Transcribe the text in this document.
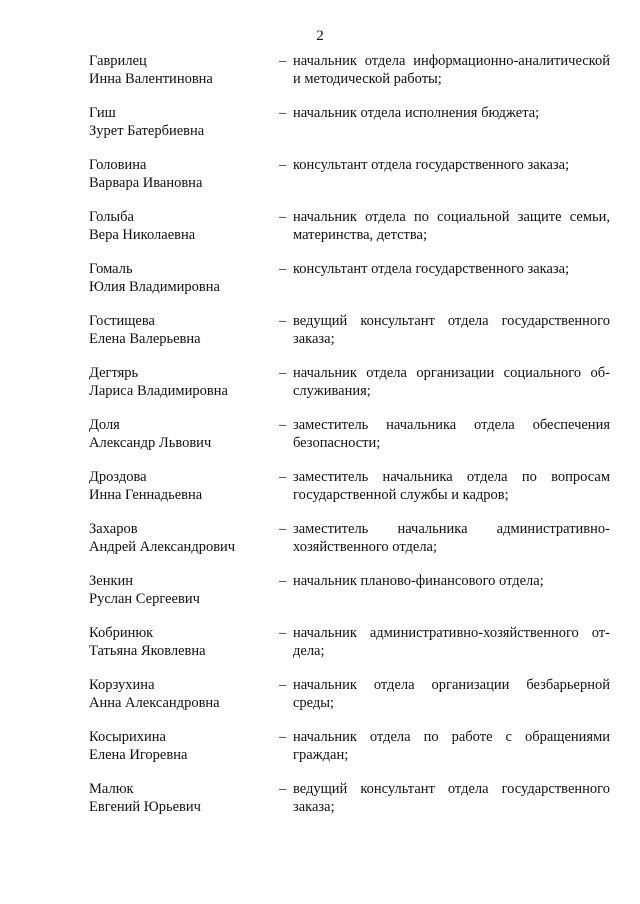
2
Гаврилец
Инна Валентиновна
– начальник отдела информационно-аналитической и методической работы;
Гиш
Зурет Батербиевна
– начальник отдела исполнения бюджета;
Головина
Варвара Ивановна
– консультант отдела государственного заказа;
Голыба
Вера Николаевна
– начальник отдела по социальной защите семьи, материнства, детства;
Гомаль
Юлия Владимировна
– консультант отдела государственного заказа;
Гостищева
Елена Валерьевна
– ведущий консультант отдела государственного заказа;
Дегтярь
Лариса Владимировна
– начальник отдела организации социального обслуживания;
Доля
Александр Львович
– заместитель начальника отдела обеспечения безопасности;
Дроздова
Инна Геннадьевна
– заместитель начальника отдела по вопросам государственной службы и кадров;
Захаров
Андрей Александрович
– заместитель начальника административно-хозяйственного отдела;
Зенкин
Руслан Сергеевич
– начальник планово-финансового отдела;
Кобринюк
Татьяна Яковлевна
– начальник административно-хозяйственного отдела;
Корзухина
Анна Александровна
– начальник отдела организации безбарьерной среды;
Косырихина
Елена Игоревна
– начальник отдела по работе с обращениями граждан;
Малюк
Евгений Юрьевич
– ведущий консультант отдела государственного заказа;
